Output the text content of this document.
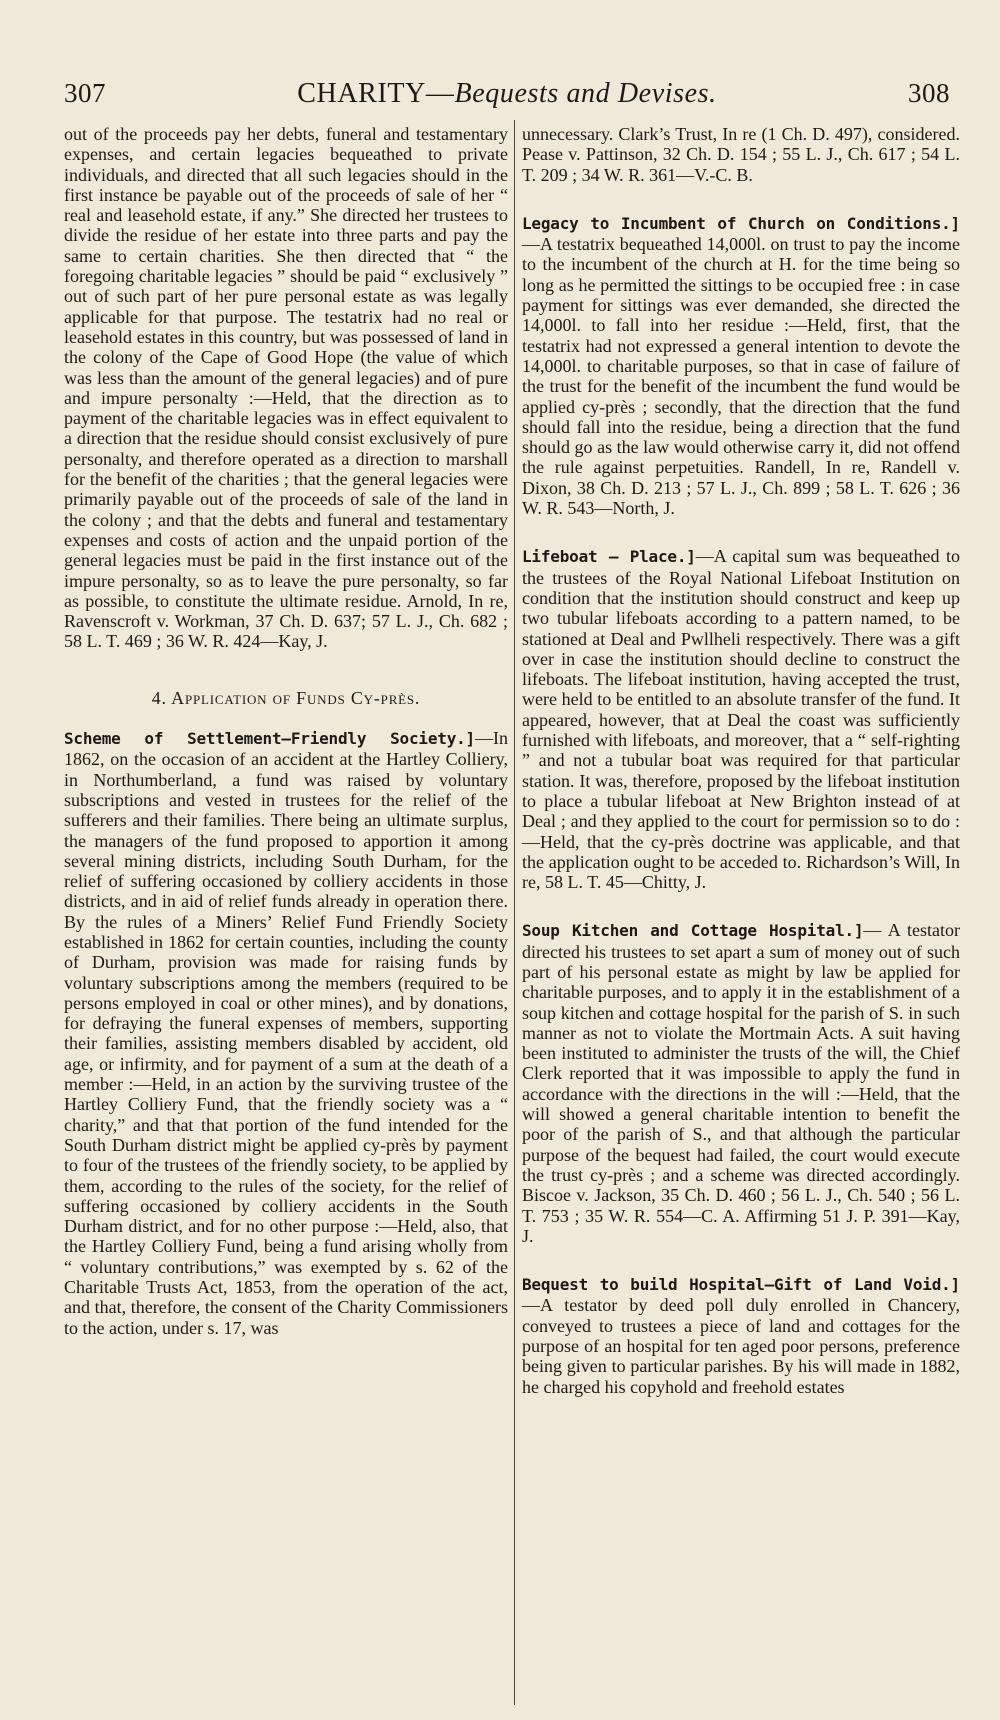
307	CHARITY—Bequests and Devises.	308

out of the proceeds pay her debts, funeral and testamentary expenses, and certain legacies bequeathed to private individuals, and directed that all such legacies should in the first instance be payable out of the proceeds of sale of her “ real and leasehold estate, if any.” She directed her trustees to divide the residue of her estate into three parts and pay the same to certain charities. She then directed that “ the foregoing charitable legacies ” should be paid “ exclusively ” out of such part of her pure personal estate as was legally applicable for that purpose. The testatrix had no real or leasehold estates in this country, but was possessed of land in the colony of the Cape of Good Hope (the value of which was less than the amount of the general legacies) and of pure and impure personalty :—Held, that the direction as to payment of the charitable legacies was in effect equivalent to a direction that the residue should consist exclusively of pure personalty, and therefore operated as a direction to marshall for the benefit of the charities ; that the general legacies were primarily payable out of the proceeds of sale of the land in the colony ; and that the debts and funeral and testamentary expenses and costs of action and the unpaid portion of the general legacies must be paid in the first instance out of the impure personalty, so as to leave the pure personalty, so far as possible, to constitute the ultimate residue. Arnold, In re, Ravenscroft v. Workman, 37 Ch. D. 637; 57 L. J., Ch. 682 ; 58 L. T. 469 ; 36 W. R. 424—Kay, J.

4. Application of Funds Cy-près.

Scheme of Settlement—Friendly Society.]—In 1862, on the occasion of an accident at the Hartley Colliery, in Northumberland, a fund was raised by voluntary subscriptions and vested in trustees for the relief of the sufferers and their families. There being an ultimate surplus, the managers of the fund proposed to apportion it among several mining districts, including South Durham, for the relief of suffering occasioned by colliery accidents in those districts, and in aid of relief funds already in operation there. By the rules of a Miners’ Relief Fund Friendly Society established in 1862 for certain counties, including the county of Durham, provision was made for raising funds by voluntary subscriptions among the members (required to be persons employed in coal or other mines), and by donations, for defraying the funeral expenses of members, supporting their families, assisting members disabled by accident, old age, or infirmity, and for payment of a sum at the death of a member :—Held, in an action by the surviving trustee of the Hartley Colliery Fund, that the friendly society was a “ charity,” and that that portion of the fund intended for the South Durham district might be applied cy-près by payment to four of the trustees of the friendly society, to be applied by them, according to the rules of the society, for the relief of suffering occasioned by colliery accidents in the South Durham district, and for no other purpose :—Held, also, that the Hartley Colliery Fund, being a fund arising wholly from “ voluntary contributions,” was exempted by s. 62 of the Charitable Trusts Act, 1853, from the operation of the act, and that, therefore, the consent of the Charity Commissioners to the action, under s. 17, was

unnecessary. Clark’s Trust, In re (1 Ch. D. 497), considered. Pease v. Pattinson, 32 Ch. D. 154 ; 55 L. J., Ch. 617 ; 54 L. T. 209 ; 34 W. R. 361—V.-C. B.

Legacy to Incumbent of Church on Conditions.]—A testatrix bequeathed 14,000l. on trust to pay the income to the incumbent of the church at H. for the time being so long as he permitted the sittings to be occupied free : in case payment for sittings was ever demanded, she directed the 14,000l. to fall into her residue :—Held, first, that the testatrix had not expressed a general intention to devote the 14,000l. to charitable purposes, so that in case of failure of the trust for the benefit of the incumbent the fund would be applied cy-près ; secondly, that the direction that the fund should fall into the residue, being a direction that the fund should go as the law would otherwise carry it, did not offend the rule against perpetuities. Randell, In re, Randell v. Dixon, 38 Ch. D. 213 ; 57 L. J., Ch. 899 ; 58 L. T. 626 ; 36 W. R. 543—North, J.

Lifeboat — Place.]—A capital sum was bequeathed to the trustees of the Royal National Lifeboat Institution on condition that the institution should construct and keep up two tubular lifeboats according to a pattern named, to be stationed at Deal and Pwllheli respectively. There was a gift over in case the institution should decline to construct the lifeboats. The lifeboat institution, having accepted the trust, were held to be entitled to an absolute transfer of the fund. It appeared, however, that at Deal the coast was sufficiently furnished with lifeboats, and moreover, that a “ self-righting ” and not a tubular boat was required for that particular station. It was, therefore, proposed by the lifeboat institution to place a tubular lifeboat at New Brighton instead of at Deal ; and they applied to the court for permission so to do :—Held, that the cy-près doctrine was applicable, and that the application ought to be acceded to. Richardson’s Will, In re, 58 L. T. 45—Chitty, J.

Soup Kitchen and Cottage Hospital.]— A testator directed his trustees to set apart a sum of money out of such part of his personal estate as might by law be applied for charitable purposes, and to apply it in the establishment of a soup kitchen and cottage hospital for the parish of S. in such manner as not to violate the Mortmain Acts. A suit having been instituted to administer the trusts of the will, the Chief Clerk reported that it was impossible to apply the fund in accordance with the directions in the will :—Held, that the will showed a general charitable intention to benefit the poor of the parish of S., and that although the particular purpose of the bequest had failed, the court would execute the trust cy-près ; and a scheme was directed accordingly. Biscoe v. Jackson, 35 Ch. D. 460 ; 56 L. J., Ch. 540 ; 56 L. T. 753 ; 35 W. R. 554—C. A. Affirming 51 J. P. 391—Kay, J.

Bequest to build Hospital—Gift of Land Void.]—A testator by deed poll duly enrolled in Chancery, conveyed to trustees a piece of land and cottages for the purpose of an hospital for ten aged poor persons, preference being given to particular parishes. By his will made in 1882, he charged his copyhold and freehold estates
